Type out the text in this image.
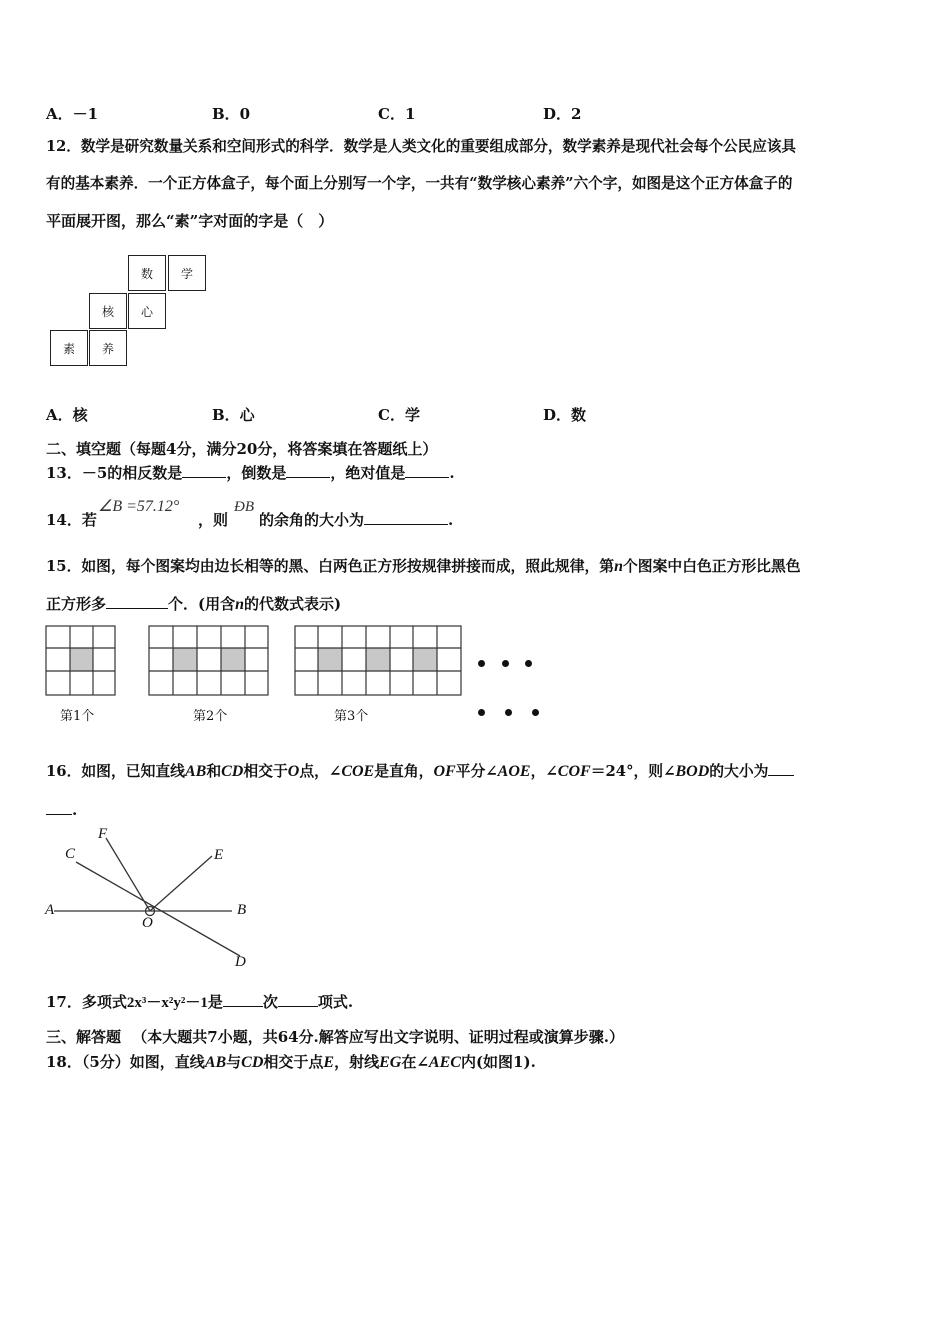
A．－1	B．0	C．1	D．2
12．数学是研究数量关系和空间形式的科学．数学是人类文化的重要组成部分，数学素养是现代社会每个公民应该具
有的基本素养．一个正方体盒子，每个面上分别写一个字，一共有“数学核心素养”六个字，如图是这个正方体盒子的
平面展开图，那么“素”字对面的字是（　）
数	学
核	心
素	养
A．核	B．心	C．学	D．数
二、填空题（每题4分，满分20分，将答案填在答题纸上）
13．－5的相反数是	，倒数是	，绝对值是	.
14．若
∠B =57.12°
，则
ÐB
的余角的大小为	.
15．如图，每个图案均由边长相等的黑、白两色正方形按规律拼接而成，照此规律，第n个图案中白色正方形比黑色
正方形多	个．(用含n的代数式表示)
第1个	第2个	第3个
16．如图，已知直线AB和CD相交于O点，∠COE是直角，OF平分∠AOE，∠COF＝24°，则∠BOD的大小为
.
A	B
C
D
E
F
O
17．多项式2x³－x²y²－1是	次	项式.
三、解答题 （本大题共7小题，共64分.解答应写出文字说明、证明过程或演算步骤.）
18．（5分）如图，直线AB与CD相交于点E，射线EG在∠AEC内(如图1).
